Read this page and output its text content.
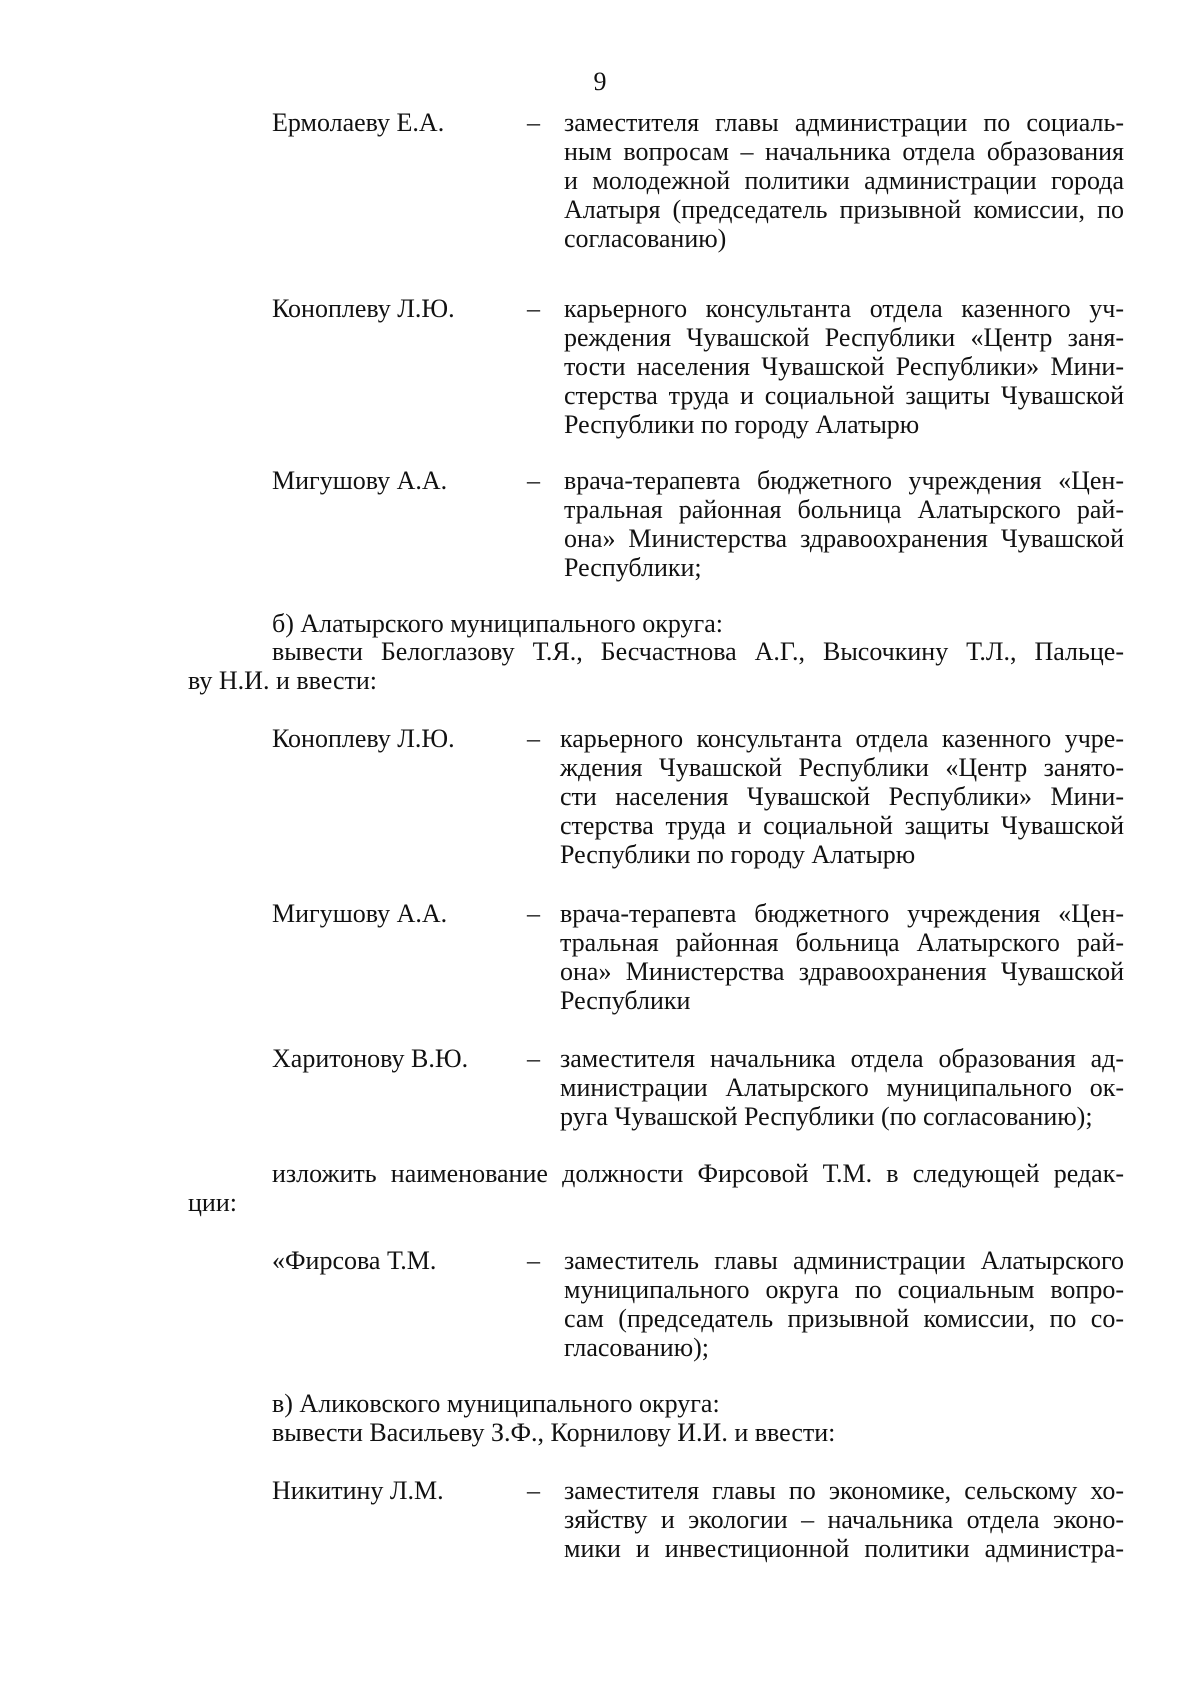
9
Ермолаеву Е.А.	– заместителя главы администрации по социаль-
ным вопросам – начальника отдела образования
и молодежной политики администрации города
Алатыря (председатель призывной комиссии, по
согласованию)
Коноплеву Л.Ю.	– карьерного консультанта отдела казенного уч-
реждения Чувашской Республики «Центр заня-
тости населения Чувашской Республики» Мини-
стерства труда и социальной защиты Чувашской
Республики по городу Алатырю
Мигушову А.А.	– врача-терапевта бюджетного учреждения «Цен-
тральная районная больница Алатырского рай-
она» Министерства здравоохранения Чувашской
Республики;
б) Алатырского муниципального округа:
вывести Белоглазову Т.Я., Бесчастнова А.Г., Высочкину Т.Л., Пальце-
ву Н.И. и ввести:
Коноплеву Л.Ю.	– карьерного консультанта отдела казенного учре-
ждения Чувашской Республики «Центр занято-
сти населения Чувашской Республики» Мини-
стерства труда и социальной защиты Чувашской
Республики по городу Алатырю
Мигушову А.А.	– врача-терапевта бюджетного учреждения «Цен-
тральная районная больница Алатырского рай-
она» Министерства здравоохранения Чувашской
Республики
Харитонову В.Ю. – заместителя начальника отдела образования ад-
министрации Алатырского муниципального ок-
руга Чувашской Республики (по согласованию);
изложить наименование должности Фирсовой Т.М. в следующей редак-
ции:
«Фирсова Т.М.	– заместитель главы администрации Алатырского
муниципального округа по социальным вопро-
сам (председатель призывной комиссии, по со-
гласованию);
в) Аликовского муниципального округа:
вывести Васильеву З.Ф., Корнилову И.И. и ввести:
Никитину Л.М.	– заместителя главы по экономике, сельскому хо-
зяйству и экологии – начальника отдела эконо-
мики и инвестиционной политики администра-
